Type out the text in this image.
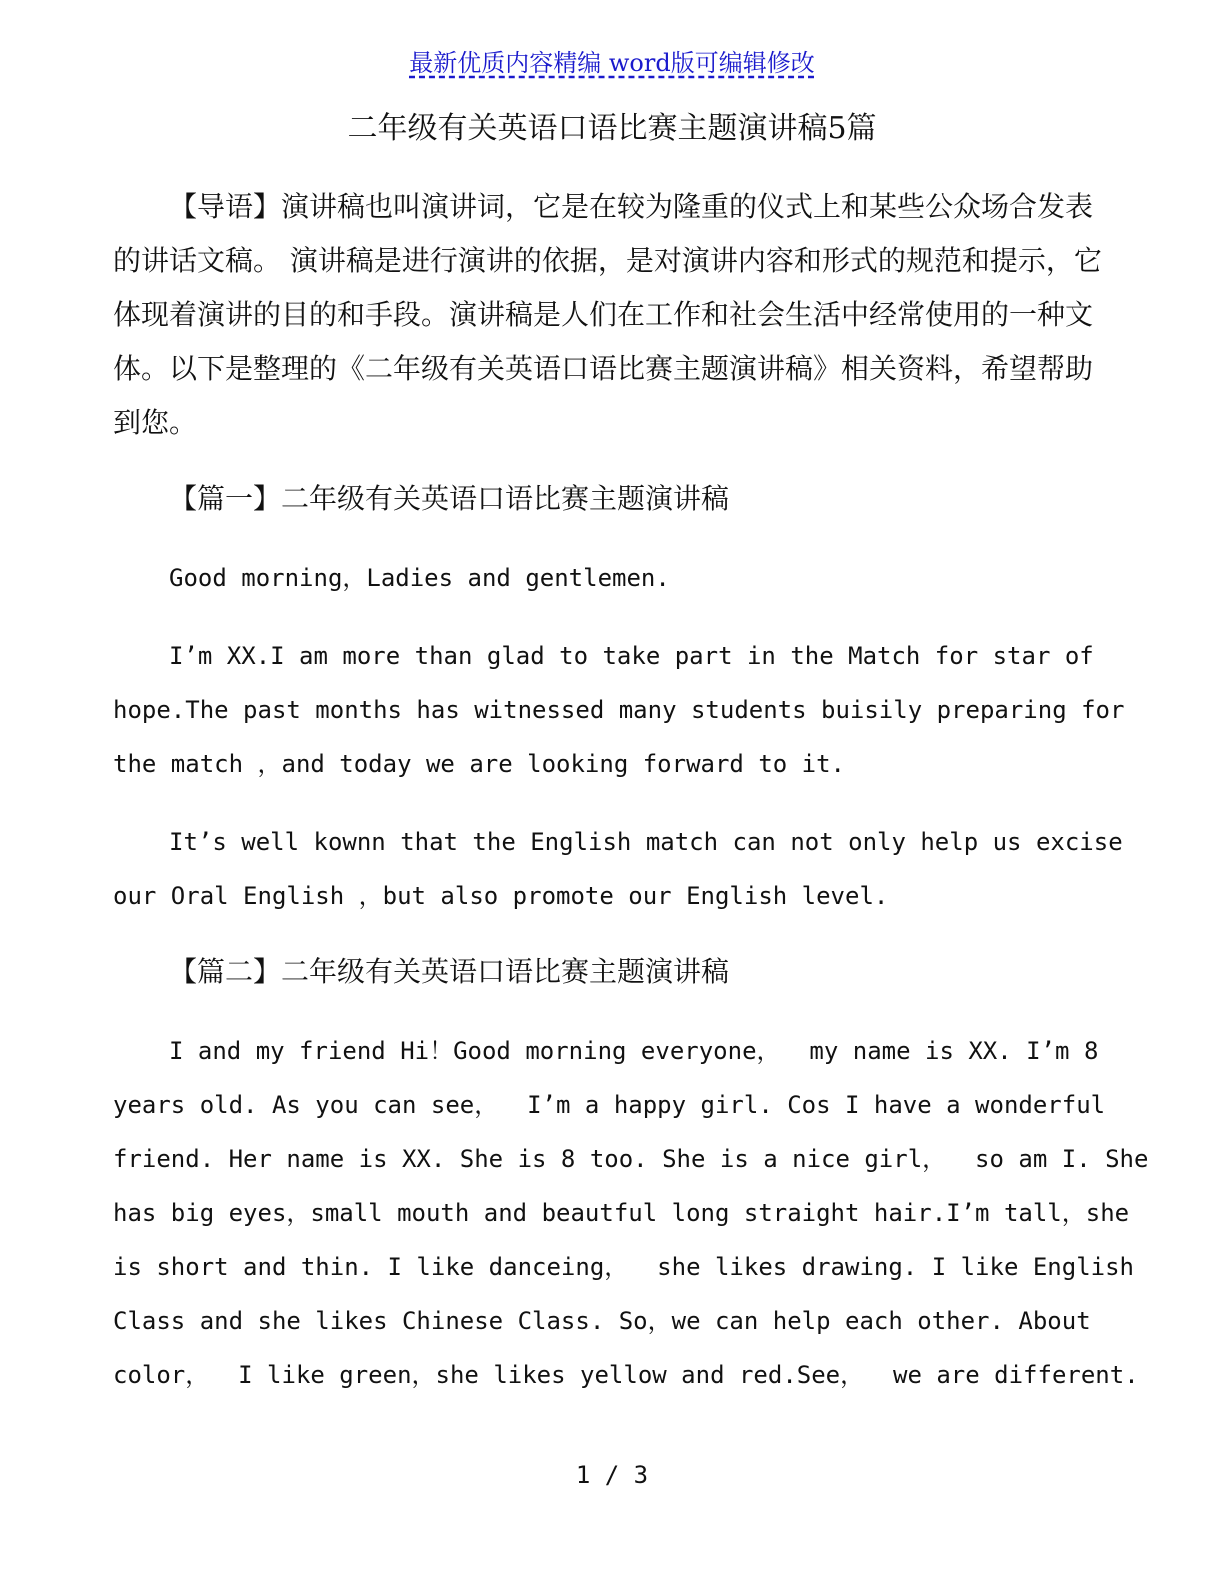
最新优质内容精编 word版可编辑修改
二年级有关英语口语比赛主题演讲稿5篇
【导语】演讲稿也叫演讲词，它是在较为隆重的仪式上和某些公众场合发表
的讲话文稿。 演讲稿是进行演讲的依据，是对演讲内容和形式的规范和提示，它
体现着演讲的目的和手段。演讲稿是人们在工作和社会生活中经常使用的一种文
体。以下是整理的《二年级有关英语口语比赛主题演讲稿》相关资料，希望帮助
到您。
【篇一】二年级有关英语口语比赛主题演讲稿
Good morning，Ladies and gentlemen.
I’m XX.I am more than glad to take part in the Match for star of
hope.The past months has witnessed many students buisily preparing for
the match ，and today we are looking forward to it.
It’s well kownn that the English match can not only help us excise
our Oral English ，but also promote our English level.
【篇二】二年级有关英语口语比赛主题演讲稿
I and my friend Hi！Good morning everyone，  my name is XX. I’m 8
years old. As you can see，  I’m a happy girl. Cos I have a wonderful
friend. Her name is XX. She is 8 too. She is a nice girl，  so am I. She
has big eyes，small mouth and beautful long straight hair.I’m tall，she
is short and thin. I like danceing，  she likes drawing. I like English
Class and she likes Chinese Class. So，we can help each other. About
color，  I like green，she likes yellow and red.See，  we are different.
1 / 3
